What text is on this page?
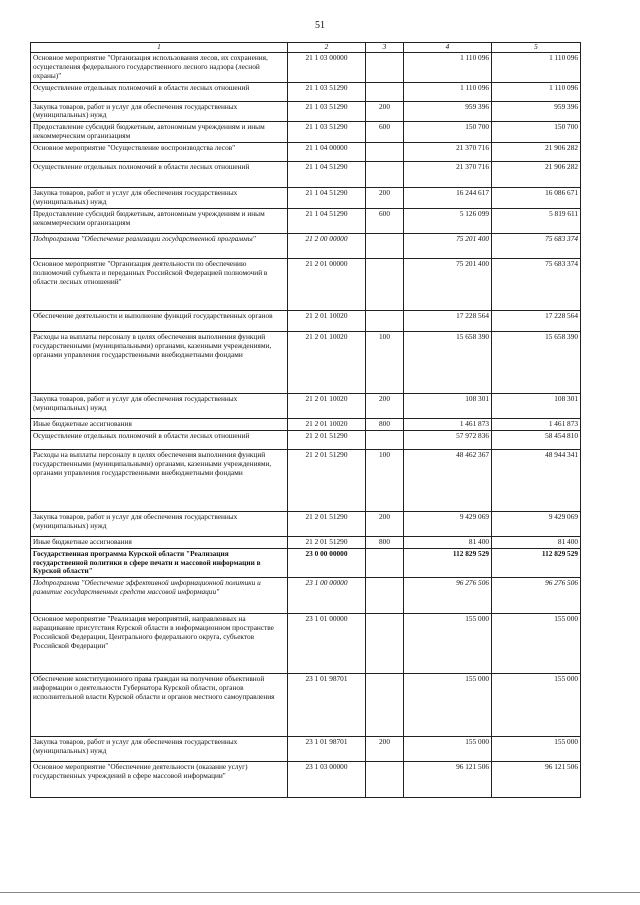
51
1	2	3	4	5
Основное мероприятие "Организация использования лесов, их сохранения, осуществления федерального государственного лесного надзора (лесной охраны)"	21 1 03 00000		1 110 096	1 110 096
Осуществление отдельных полномочий в области лесных отношений	21 1 03 51290		1 110 096	1 110 096
Закупка товаров, работ и услуг для обеспечения государственных (муниципальных) нужд	21 1 03 51290	200	959 396	959 396
Предоставление субсидий бюджетным, автономным учреждениям и иным некоммерческим организациям	21 1 03 51290	600	150 700	150 700
Основное мероприятие "Осуществление воспроизводства лесов"	21 1 04 00000		21 370 716	21 906 282
Осуществление отдельных полномочий в области лесных отношений	21 1 04 51290		21 370 716	21 906 282
Закупка товаров, работ и услуг для обеспечения государственных (муниципальных) нужд	21 1 04 51290	200	16 244 617	16 086 671
Предоставление субсидий бюджетным, автономным учреждениям и иным некоммерческим организациям	21 1 04 51290	600	5 126 099	5 819 611
Подпрограмма "Обеспечение реализации государственной программы"	21 2 00 00000		75 201 400	75 683 374
Основное мероприятие "Организация деятельности по обеспечению полномочий субъекта и переданных Российской Федерацией полномочий в области лесных отношений"	21 2 01 00000		75 201 400	75 683 374
Обеспечение деятельности и выполнение функций государственных органов	21 2 01 10020		17 228 564	17 228 564
Расходы на выплаты персоналу в целях обеспечения выполнения функций государственными (муниципальными) органами, казенными учреждениями, органами управления государственными внебюджетными фондами	21 2 01 10020	100	15 658 390	15 658 390
Закупка товаров, работ и услуг для обеспечения государственных (муниципальных) нужд	21 2 01 10020	200	108 301	108 301
Иные бюджетные ассигнования	21 2 01 10020	800	1 461 873	1 461 873
Осуществление отдельных полномочий в области лесных отношений	21 2 01 51290		57 972 836	58 454 810
Расходы на выплаты персоналу в целях обеспечения выполнения функций государственными (муниципальными) органами, казенными учреждениями, органами управления государственными внебюджетными фондами	21 2 01 51290	100	48 462 367	48 944 341
Закупка товаров, работ и услуг для обеспечения государственных (муниципальных) нужд	21 2 01 51290	200	9 429 069	9 429 069
Иные бюджетные ассигнования	21 2 01 51290	800	81 400	81 400
Государственная программа Курской области "Реализация государственной политики в сфере печати и массовой информации в Курской области"	23 0 00 00000		112 829 529	112 829 529
Подпрограмма "Обеспечение эффективной информационной политики и развитие государственных средств массовой информации"	23 1 00 00000		96 276 506	96 276 506
Основное мероприятие "Реализация мероприятий, направленных на наращивание присутствия Курской области в информационном пространстве Российской Федерации, Центрального федерального округа, субъектов Российской Федерации"	23 1 01 00000		155 000	155 000
Обеспечение конституционного права граждан на получение объективной информации о деятельности Губернатора Курской области, органов исполнительной власти Курской области и органов местного самоуправления	23 1 01 98701		155 000	155 000
Закупка товаров, работ и услуг для обеспечения государственных (муниципальных) нужд	23 1 01 98701	200	155 000	155 000
Основное мероприятие "Обеспечение деятельности (оказание услуг) государственных учреждений в сфере массовой информации"	23 1 03 00000		96 121 506	96 121 506
